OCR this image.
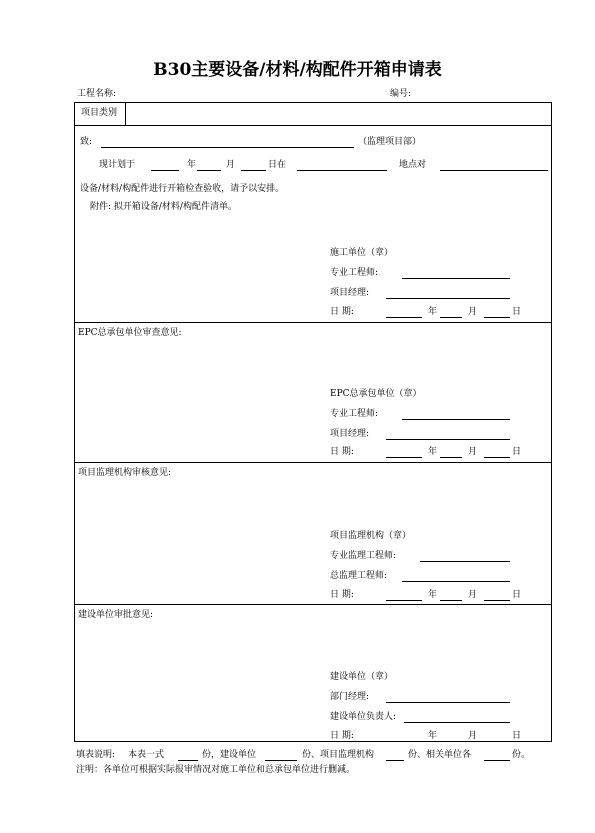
B30主要设备/材料/构配件开箱申请表
工程名称:	编号:
项目类别
致:	（监理项目部）
现计划于	年	月	日在	地点对
设备/材料/构配件进行开箱检查验收，请予以安排。
附件: 拟开箱设备/材料/构配件清单。
施工单位（章）
专业工程师:
项目经理:
日 期:	年	月	日
EPC总承包单位审查意见:
EPC总承包单位（章）
专业工程师:
项目经理:
日 期:	年	月	日
项目监理机构审核意见:
项目监理机构（章）
专业监理工程师:
总监理工程师:
日 期:	年	月	日
建设单位审批意见:
建设单位（章）
部门经理:
建设单位负责人:
日 期:	年	月	日
填表说明: 本表一式	份，建设单位	份、项目监理机构	份、相关单位各	份。
注明：各单位可根据实际报审情况对施工单位和总承包单位进行删减。
